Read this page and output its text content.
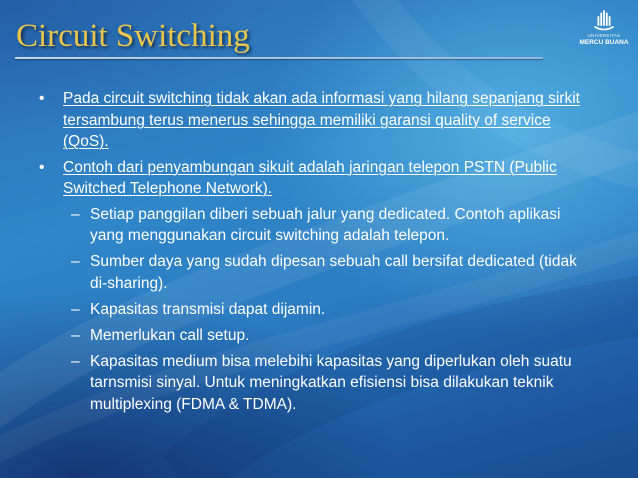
Circuit Switching	UNIVERSITAS
MERCU BUANA
• Pada circuit switching tidak akan ada informasi yang hilang sepanjang sirkit tersambung terus menerus sehingga memiliki garansi quality of service (QoS).
• Contoh dari penyambungan sikuit adalah jaringan telepon PSTN (Public Switched Telephone Network).
– Setiap panggilan diberi sebuah jalur yang dedicated. Contoh aplikasi yang menggunakan circuit switching adalah telepon.
– Sumber daya yang sudah dipesan sebuah call bersifat dedicated (tidak di-sharing).
– Kapasitas transmisi dapat dijamin.
– Memerlukan call setup.
– Kapasitas medium bisa melebihi kapasitas yang diperlukan oleh suatu tarnsmisi sinyal. Untuk meningkatkan efisiensi bisa dilakukan teknik multiplexing (FDMA & TDMA).
